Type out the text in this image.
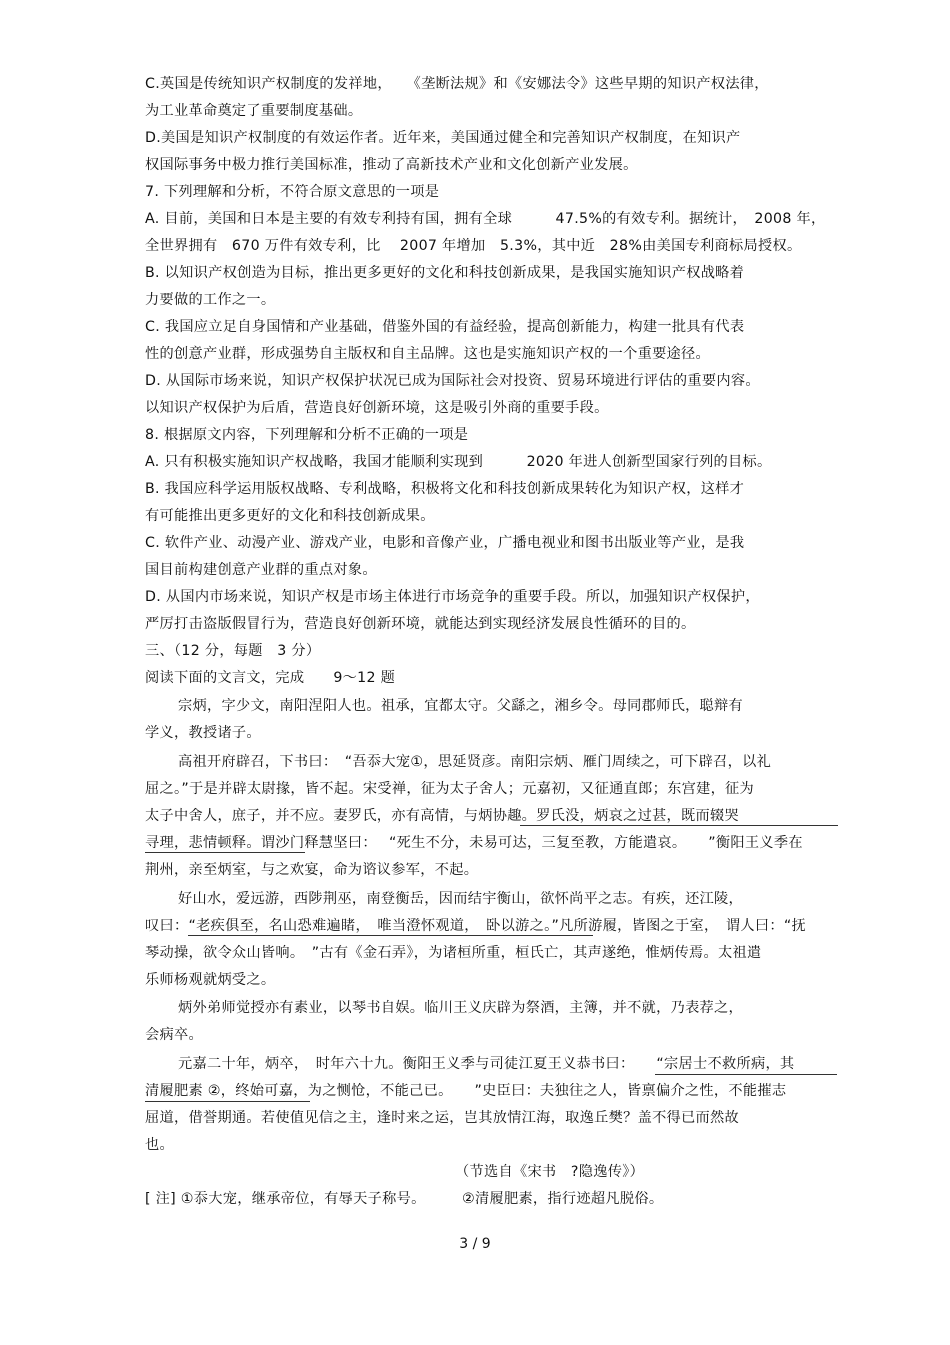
C.英国是传统知识产权制度的发祥地，　　《垄断法规》和《安娜法令》这些早期的知识产权法律，
为工业革命奠定了重要制度基础。
D.美国是知识产权制度的有效运作者。近年来，美国通过健全和完善知识产权制度，在知识产
权国际事务中极力推行美国标准，推动了高新技术产业和文化创新产业发展。
7. 下列理解和分析，不符合原文意思的一项是
A. 目前，美国和日本是主要的有效专利持有国，拥有全球　　　47.5%的有效专利。据统计，　2008 年，
全世界拥有　670 万件有效专利，比　 2007 年增加　5.3%，其中近　28%由美国专利商标局授权。
B. 以知识产权创造为目标，推出更多更好的文化和科技创新成果，是我国实施知识产权战略着
力要做的工作之一。
C. 我国应立足自身国情和产业基础，借鉴外国的有益经验，提高创新能力，构建一批具有代表
性的创意产业群，形成强势自主版权和自主品牌。这也是实施知识产权的一个重要途径。
D. 从国际市场来说，知识产权保护状况已成为国际社会对投资、贸易环境进行评估的重要内容。
以知识产权保护为后盾，营造良好创新环境，这是吸引外商的重要手段。
8. 根据原文内容，下列理解和分析不正确的一项是
A. 只有积极实施知识产权战略，我国才能顺利实现到　　　2020 年进人创新型国家行列的目标。
B. 我国应科学运用版权战略、专利战略，积极将文化和科技创新成果转化为知识产权，这样才
有可能推出更多更好的文化和科技创新成果。
C. 软件产业、动漫产业、游戏产业，电影和音像产业，广播电视业和图书出版业等产业，是我
国目前构建创意产业群的重点对象。
D. 从国内市场来说，知识产权是市场主体进行市场竞争的重要手段。所以，加强知识产权保护，
严厉打击盗版假冒行为，营造良好创新环境，就能达到实现经济发展良性循环的目的。
三、（12 分，每题　3 分）
阅读下面的文言文，完成　　9～12 题
宗炳，字少文，南阳涅阳人也。祖承，宜都太守。父繇之，湘乡令。母同郡师氏，聪辩有
学义，教授诸子。
高祖开府辟召，下书曰：　“吾忝大宠①，思延贤彦。南阳宗炳、雁门周续之，可下辟召，以礼
屈之。”于是并辟太尉掾，皆不起。宋受禅，征为太子舍人；元嘉初，又征通直郎；东宫建，征为
太子中舍人，庶子，并不应。妻罗氏，亦有高情，与炳协趣。罗氏没，炳哀之过甚，既而辍哭
寻理，悲情顿释。谓沙门释慧坚曰：　 “死生不分，未易可达，三复至教，方能遣哀。　　”衡阳王义季在
荆州，亲至炳室，与之欢宴，命为谘议参军，不起。
好山水，爱远游，西陟荆巫，南登衡岳，因而结宇衡山，欲怀尚平之志。有疾，还江陵，
叹曰：“老疾俱至，名山恐难遍睹，　唯当澄怀观道，　卧以游之。”凡所游履，皆图之于室，　谓人曰：“抚
琴动操，欲令众山皆响。　”古有《金石弄》，为诸桓所重，桓氏亡，其声遂绝，惟炳传焉。太祖遣
乐师杨观就炳受之。
炳外弟师觉授亦有素业，以琴书自娱。临川王义庆辟为祭酒，主簿，并不就，乃表荐之，
会病卒。
元嘉二十年，炳卒，　时年六十九。衡阳王义季与司徒江夏王义恭书曰：　　“宗居士不救所病，其
清履肥素 ②，终始可嘉，为之恻怆，不能己已。　　”史臣曰：夫独往之人，皆禀偏介之性，不能摧志
屈道，借誉期通。若使值见信之主，逢时来之运，岂其放情江海，取逸丘樊？盖不得已而然故
也。
（节选自《宋书　?隐逸传》）
[ 注] ①忝大宠，继承帝位，有辱天子称号。　　　②清履肥素，指行迹超凡脱俗。
3 / 9
